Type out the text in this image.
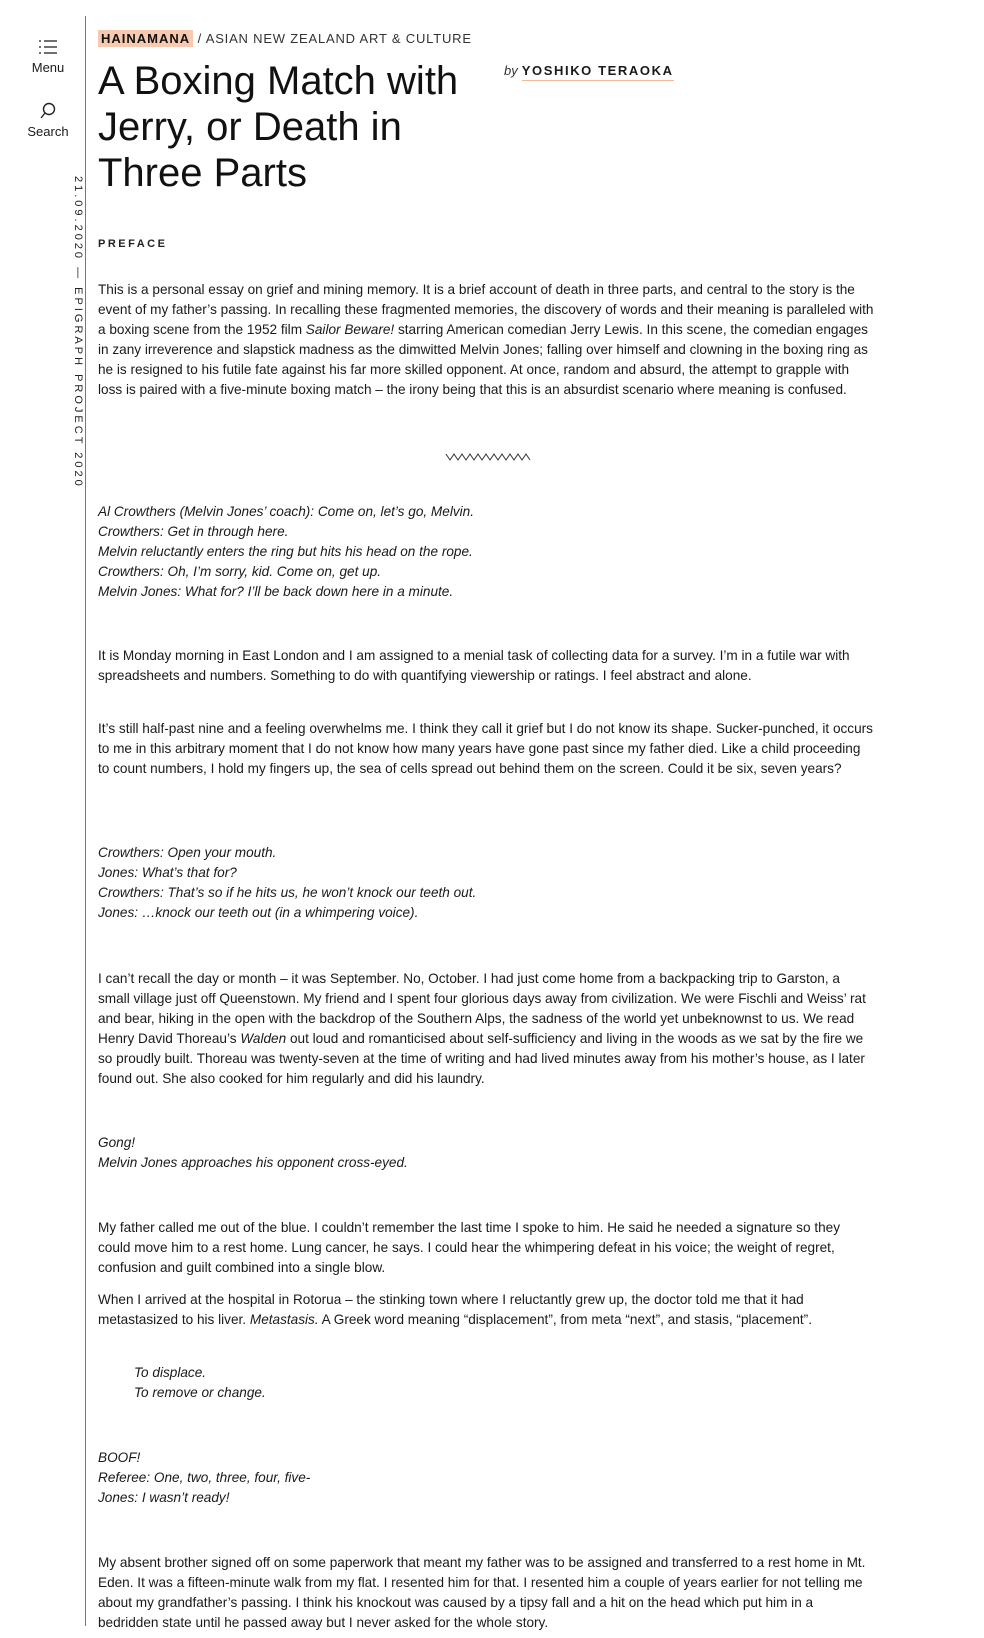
Menu
Search
21.09.2020 — EPIGRAPH PROJECT 2020
HAINAMANA / ASIAN NEW ZEALAND ART & CULTURE
A Boxing Match with Jerry, or Death in Three Parts
by YOSHIKO TERAOKA
PREFACE

This is a personal essay on grief and mining memory. It is a brief account of death in three parts, and central to the story is the event of my father’s passing. In recalling these fragmented memories, the discovery of words and their meaning is paralleled with a boxing scene from the 1952 film Sailor Beware! starring American comedian Jerry Lewis. In this scene, the comedian engages in zany irreverence and slapstick madness as the dimwitted Melvin Jones; falling over himself and clowning in the boxing ring as he is resigned to his futile fate against his far more skilled opponent. At once, random and absurd, the attempt to grapple with loss is paired with a five-minute boxing match – the irony being that this is an absurdist scenario where meaning is confused.

Al Crowthers (Melvin Jones’ coach): Come on, let’s go, Melvin.
Crowthers: Get in through here.
Melvin reluctantly enters the ring but hits his head on the rope.
Crowthers: Oh, I’m sorry, kid. Come on, get up.
Melvin Jones: What for? I’ll be back down here in a minute.

It is Monday morning in East London and I am assigned to a menial task of collecting data for a survey. I’m in a futile war with spreadsheets and numbers. Something to do with quantifying viewership or ratings. I feel abstract and alone.

It’s still half-past nine and a feeling overwhelms me. I think they call it grief but I do not know its shape. Sucker-punched, it occurs to me in this arbitrary moment that I do not know how many years have gone past since my father died. Like a child proceeding to count numbers, I hold my fingers up, the sea of cells spread out behind them on the screen. Could it be six, seven years?

Crowthers: Open your mouth.
Jones: What’s that for?
Crowthers: That’s so if he hits us, he won’t knock our teeth out.
Jones: …knock our teeth out (in a whimpering voice).

I can’t recall the day or month – it was September. No, October. I had just come home from a backpacking trip to Garston, a small village just off Queenstown. My friend and I spent four glorious days away from civilization. We were Fischli and Weiss’ rat and bear, hiking in the open with the backdrop of the Southern Alps, the sadness of the world yet unbeknownst to us. We read Henry David Thoreau’s Walden out loud and romanticised about self-sufficiency and living in the woods as we sat by the fire we so proudly built. Thoreau was twenty-seven at the time of writing and had lived minutes away from his mother’s house, as I later found out. She also cooked for him regularly and did his laundry.

Gong!
Melvin Jones approaches his opponent cross-eyed.

My father called me out of the blue. I couldn’t remember the last time I spoke to him. He said he needed a signature so they could move him to a rest home. Lung cancer, he says. I could hear the whimpering defeat in his voice; the weight of regret, confusion and guilt combined into a single blow.

When I arrived at the hospital in Rotorua – the stinking town where I reluctantly grew up, the doctor told me that it had metastasized to his liver. Metastasis. A Greek word meaning “displacement”, from meta “next”, and stasis, “placement”.

To displace.
To remove or change.
BOOF!
Referee: One, two, three, four, five-
Jones: I wasn’t ready!

My absent brother signed off on some paperwork that meant my father was to be assigned and transferred to a rest home in Mt. Eden. It was a fifteen-minute walk from my flat. I resented him for that. I resented him a couple of years earlier for not telling me about my grandfather’s passing. I think his knockout was caused by a tipsy fall and a hit on the head which put him in a bedridden state until he passed away but I never asked for the whole story.
